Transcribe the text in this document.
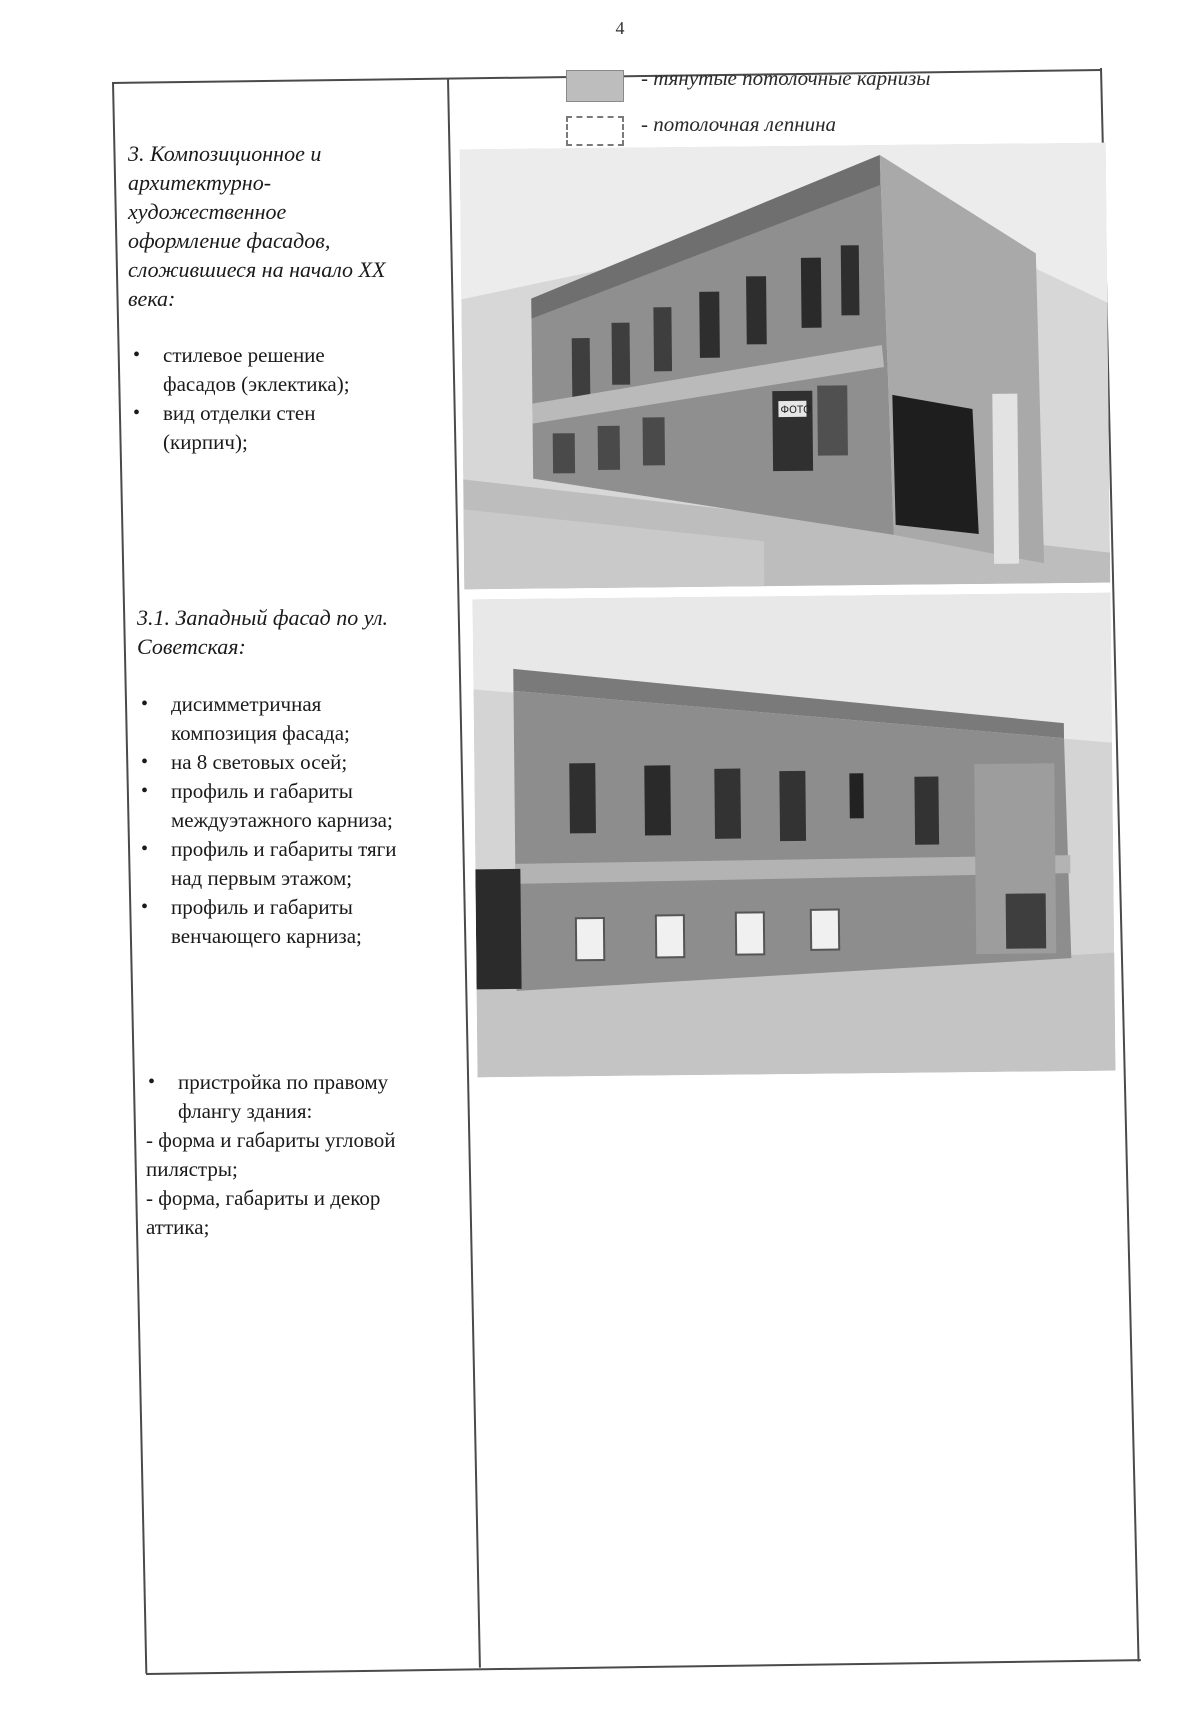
4
- тянутые потолочные карнизы
- потолочная лепнина
3. Композиционное и
архитектурно-
художественное
оформление фасадов,
сложившиеся на начало XX
века:
• стилевое решение
фасадов (эклектика);
• вид отделки стен
(кирпич);
3.1. Западный фасад по ул.
Советская:
• дисимметричная
композиция фасада;
• на 8 световых осей;
• профиль и габариты
междуэтажного карниза;
• профиль и габариты тяги
над первым этажом;
• профиль и габариты
венчающего карниза;
• пристройка по правому
флангу здания:
- форма и габариты угловой
пилястры;
- форма, габариты и декор
аттика;
ФОТО
